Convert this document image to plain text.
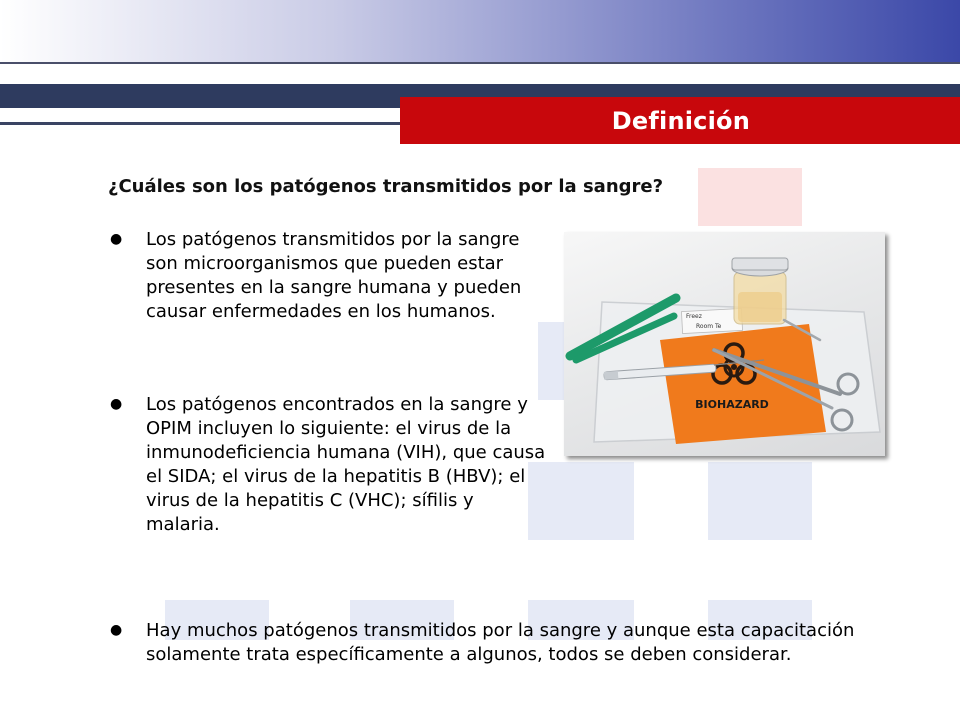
Definición
¿Cuáles son los patógenos transmitidos por la sangre?
●	Los patógenos transmitidos por la sangre son microorganismos que pueden estar presentes en la sangre humana y pueden causar enfermedades en los humanos.
●	Los patógenos encontrados en la sangre y OPIM incluyen lo siguiente: el virus de la inmunodeficiencia humana (VIH), que causa el SIDA; el virus de la hepatitis B (HBV); el virus de la hepatitis C (VHC); sífilis y malaria.
●	Hay muchos patógenos transmitidos por la sangre y aunque esta capacitación solamente trata específicamente a algunos, todos se deben considerar.
Freez
Room Te
BIOHAZARD
